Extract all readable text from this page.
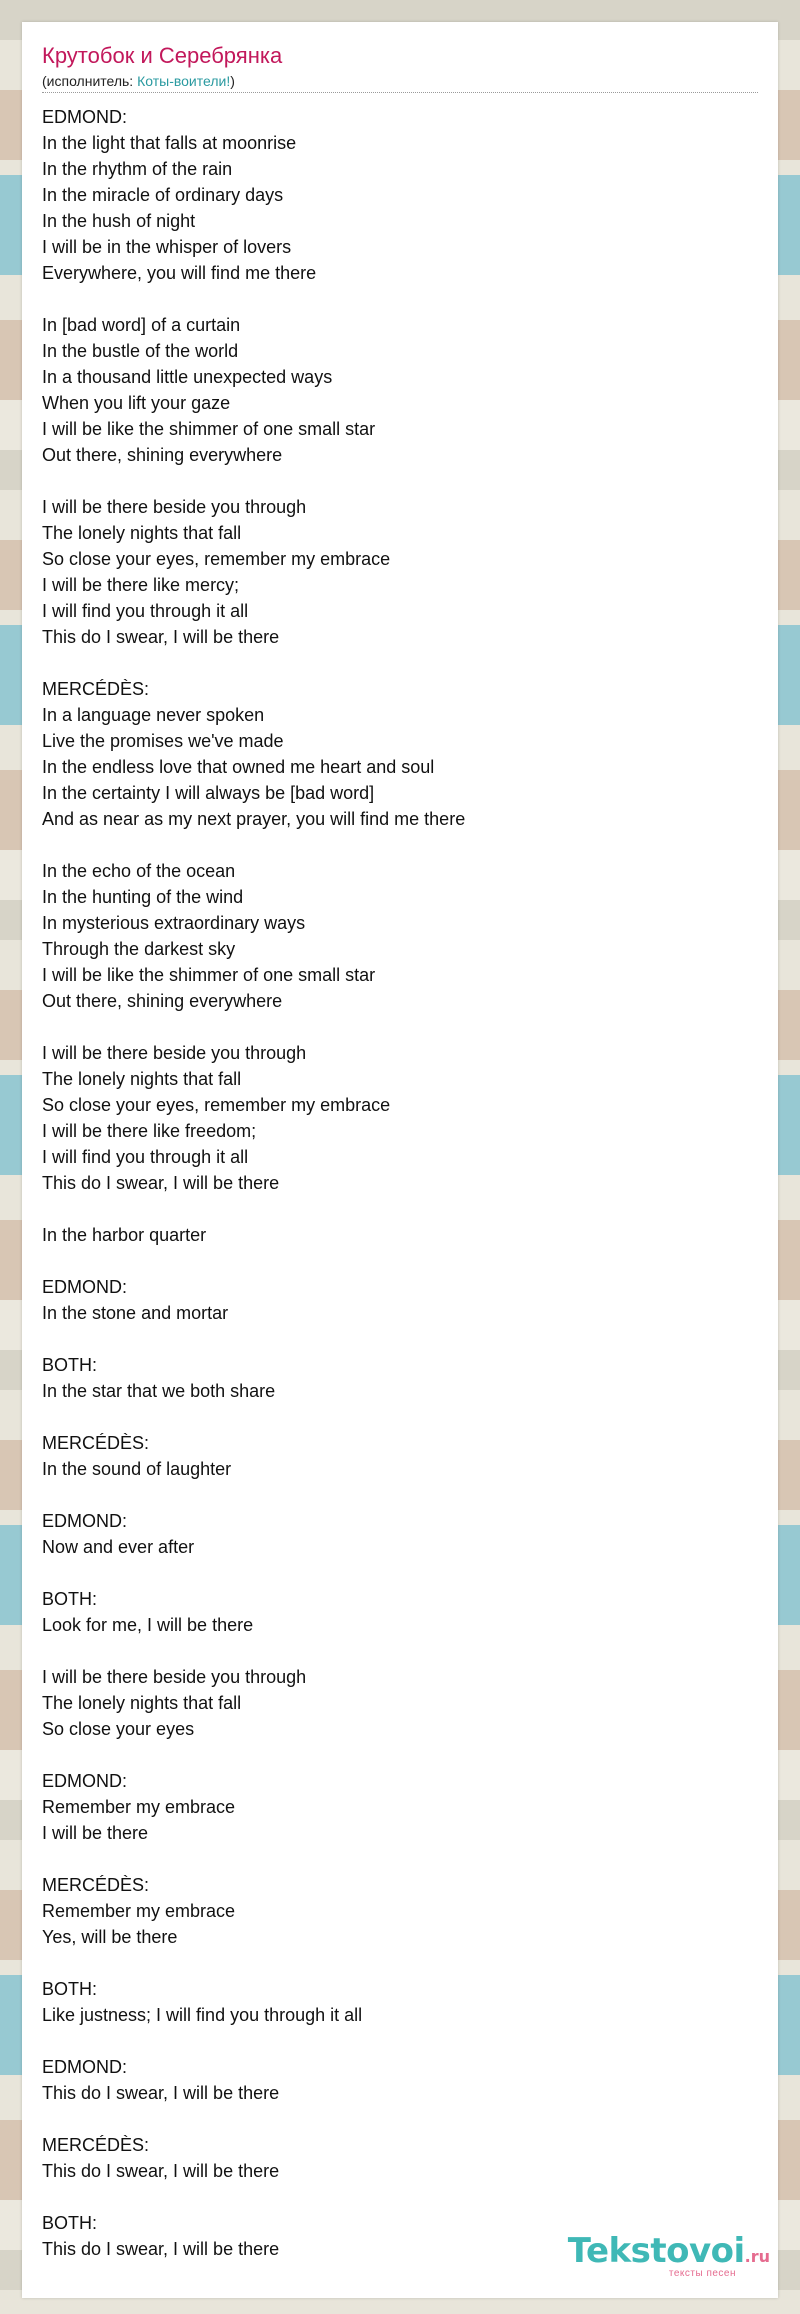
Крутобок и Серебрянка
(исполнитель: Коты-воители!)
EDMOND:
In the light that falls at moonrise
In the rhythm of the rain
In the miracle of ordinary days
In the hush of night
I will be in the whisper of lovers
Everywhere, you will find me there
In [bad word] of a curtain
In the bustle of the world
In a thousand little unexpected ways
When you lift your gaze
I will be like the shimmer of one small star
Out there, shining everywhere
I will be there beside you through
The lonely nights that fall
So close your eyes, remember my embrace
I will be there like mercy;
I will find you through it all
This do I swear, I will be there
MERCÉDÈS:
In a language never spoken
Live the promises we've made
In the endless love that owned me heart and soul
In the certainty I will always be [bad word]
And as near as my next prayer, you will find me there
In the echo of the ocean
In the hunting of the wind
In mysterious extraordinary ways
Through the darkest sky
I will be like the shimmer of one small star
Out there, shining everywhere
I will be there beside you through
The lonely nights that fall
So close your eyes, remember my embrace
I will be there like freedom;
I will find you through it all
This do I swear, I will be there
In the harbor quarter
EDMOND:
In the stone and mortar
BOTH:
In the star that we both share
MERCÉDÈS:
In the sound of laughter
EDMOND:
Now and ever after
BOTH:
Look for me, I will be there
I will be there beside you through
The lonely nights that fall
So close your eyes
EDMOND:
Remember my embrace
I will be there
MERCÉDÈS:
Remember my embrace
Yes, will be there
BOTH:
Like justness; I will find you through it all
EDMOND:
This do I swear, I will be there
MERCÉDÈS:
This do I swear, I will be there
BOTH:
This do I swear, I will be there	Tekstovoi.ru
тексты песен
